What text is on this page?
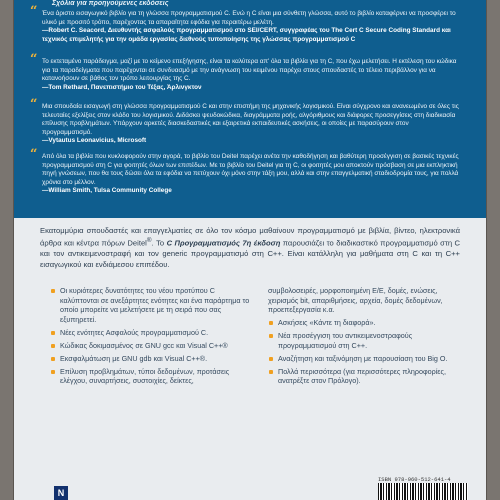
Σχόλια για προηγούμενες εκδόσεις
“ Ένα άριστο εισαγωγικό βιβλίο για τη γλώσσα προγραμματισμού C. Ενώ η C είναι μια σύνθετη γλώσσα, αυτό το βιβλίο καταφέρνει να προσφέρει το υλικό με προσιτό τρόπο, παρέχοντας τα απαραίτητα εφόδια για περαιτέρω μελέτη.
—Robert C. Seacord, Διευθυντής ασφαλούς προγραμματισμού στο SEI/CERT, συγγραφέας του The Cert C Secure Coding Standard και τεχνικός επιμελητής για την ομάδα εργασίας διεθνούς τυποποίησης της γλώσσας προγραμματισμού C
“ Το εκτεταμένο παράδειγμα, μαζί με το κείμενο επεξήγησης, είναι τα καλύτερα απ' όλα τα βιβλία για τη C, που έχω μελετήσει. Η εκτέλεση του κώδικα για τα παραδείγματα που παρέχονται σε συνδυασμό με την ανάγνωση του κειμένου παρέχει στους σπουδαστές το τέλειο περιβάλλον για να κατανοήσουν σε βάθος τον τρόπο λειτουργίας της C.
—Tom Rethard, Πανεπιστήμιο του Τέξας, Άρλινγκτον
“ Μια σπουδαία εισαγωγή στη γλώσσα προγραμματισμού C και στην επιστήμη της μηχανικής λογισμικού. Είναι σύγχρονο και ανανεωμένο σε όλες τις τελευταίες εξελίξεις στον κλάδο του λογισμικού. Διδάσκει ψευδοκώδικα, διαγράμματα ροής, αλγόριθμους και διάφορες προσεγγίσεις στη διαδικασία επίλυσης προβλημάτων. Υπάρχουν αρκετές διασκεδαστικές και εξαιρετικά εκπαιδευτικές ασκήσεις, οι οποίες με παρασύρουν στον προγραμματισμό.
—Vytautus Leonavicius, Microsoft
“ Από όλα τα βιβλία που κυκλοφορούν στην αγορά, το βιβλίο του Deitel παρέχει ανέτα την καθοδήγηση και βαθύτερη προσέγγιση σε βασικές τεχνικές προγραμματισμού στη C για φοιτητές όλων των επιπέδων. Με το βιβλίο του Deitel για τη C, οι φοιτητές μου αποκτούν πρόσβαση σε μια εκπληκτική πηγή γνώσεων, που θα τους δώσει όλα τα εφόδια να πετύχουν όχι μόνο στην τάξη μου, αλλά και στην επαγγελματική σταδιοδρομία τους, για πολλά χρόνια στο μέλλον.
—William Smith, Tulsa Community College
Εκατομμύρια σπουδαστές και επαγγελματίες σε όλο τον κόσμο μαθαίνουν προγραμματισμό με βιβλία, βίντεο, ηλεκτρονικά άρθρα και κέντρα πόρων Deitel®. Το C Προγραμματισμός 7η έκδοση παρουσιάζει το διαδικαστικό προγραμματισμό στη C και τον αντικειμενοστραφή και τον generic προγραμματισμό στη C++. Είναι κατάλληλη για μαθήματα στη C και τη C++ εισαγωγικού και ενδιάμεσου επιπέδου.
Οι κυριότερες δυνατότητες του νέου προτύπου C καλύπτονται σε ανεξάρτητες ενότητες και ένα παράρτημα το οποίο μπορείτε να μελετήσετε με τη σειρά που σας εξυπηρετεί.
Νέες ενότητες Ασφαλούς προγραμματισμού C.
Κώδικας δοκιμασμένος σε GNU gcc και Visual C++®
Εκσφαλμάτωση με GNU gdb και Visual C++®.
Επίλυση προβλημάτων, τύποι δεδομένων, προτάσεις ελέγχου, συναρτήσεις, συστοιχίες, δείκτες,
συμβολοσειρές, μορφοποιημένη Ε/Ε, δομές, ενώσεις, χειρισμός bit, απαριθμήσεις, αρχεία, δομές δεδομένων, προεπεξεργασία κ.α.
Ασκήσεις «Κάντε τη διαφορά».
Νέα προσέγγιση του αντικειμενοστραφούς προγραμματισμού στη C++.
Αναζήτηση και ταξινόμηση με παρουσίαση του Big O.
Πολλά περισσότερα (για περισσότερες πληροφορίες, ανατρέξτε στον Πρόλογο).
N
ISBN 978-960-512-641-4
